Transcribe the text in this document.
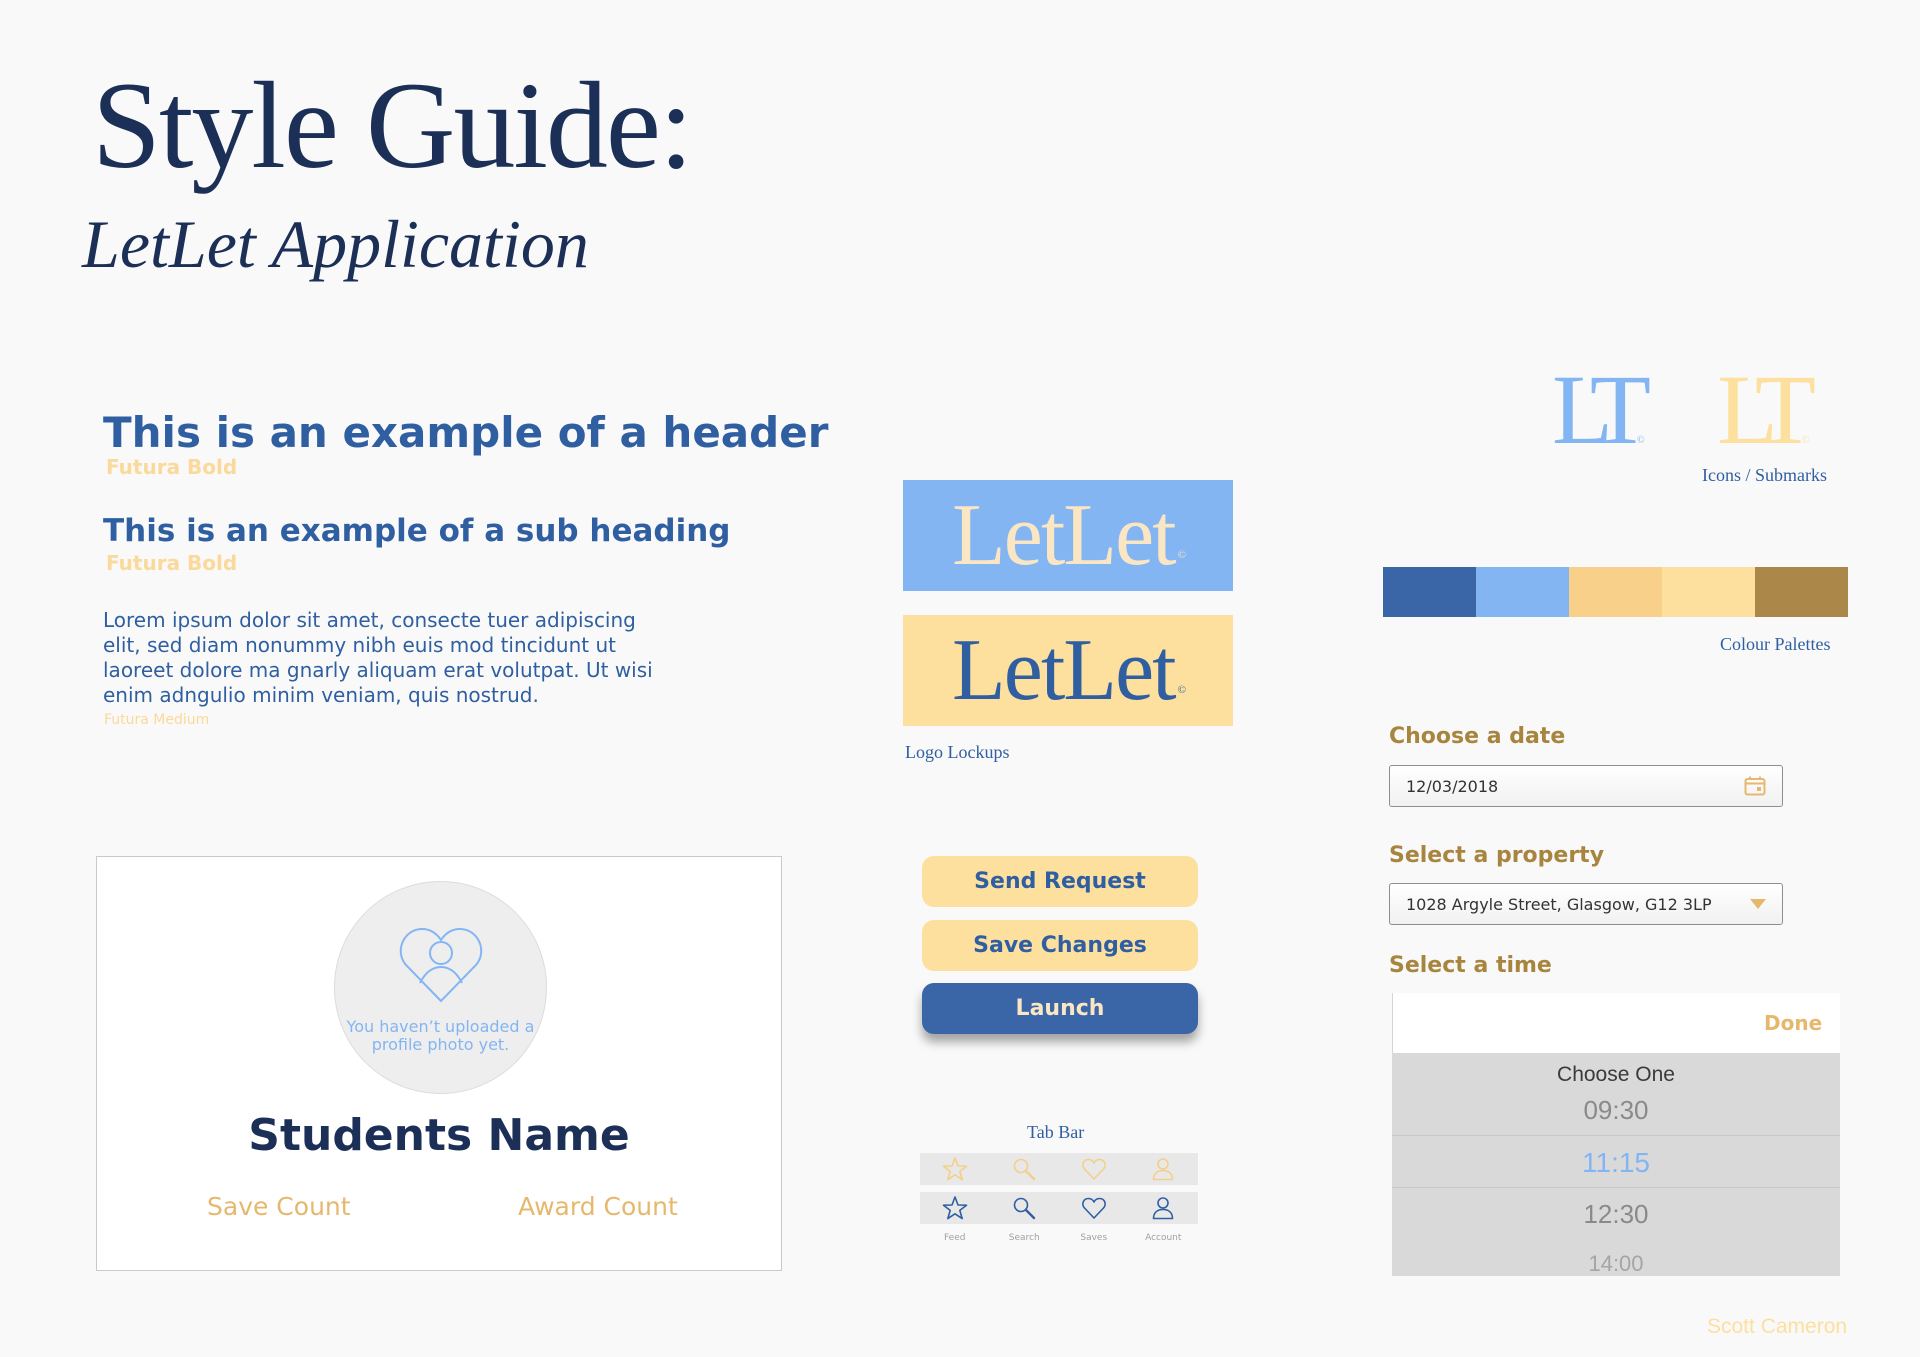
Style Guide:
LetLet Application
This is an example of a header
Futura Bold
This is an example of a sub heading
Futura Bold
Lorem ipsum dolor sit amet, consecte tuer adipiscing elit, sed diam nonummy nibh euis mod tincidunt ut laoreet dolore ma gnarly aliquam erat volutpat. Ut wisi enim adngulio minim veniam, quis nostrud.
Futura Medium
LetLet ©
LetLet ©
Logo Lockups
LT© LT©
Icons / Submarks
Colour Palettes
You haven’t uploaded a profile photo yet.
Students Name
Save Count	Award Count
Send Request
Save Changes
Launch
Tab Bar
Feed	Search	Saves	Account
Choose a date
12/03/2018
Select a property
1028 Argyle Street, Glasgow, G12 3LP
Select a time
Done
Choose One
09:30
11:15
12:30
14:00
Scott Cameron
